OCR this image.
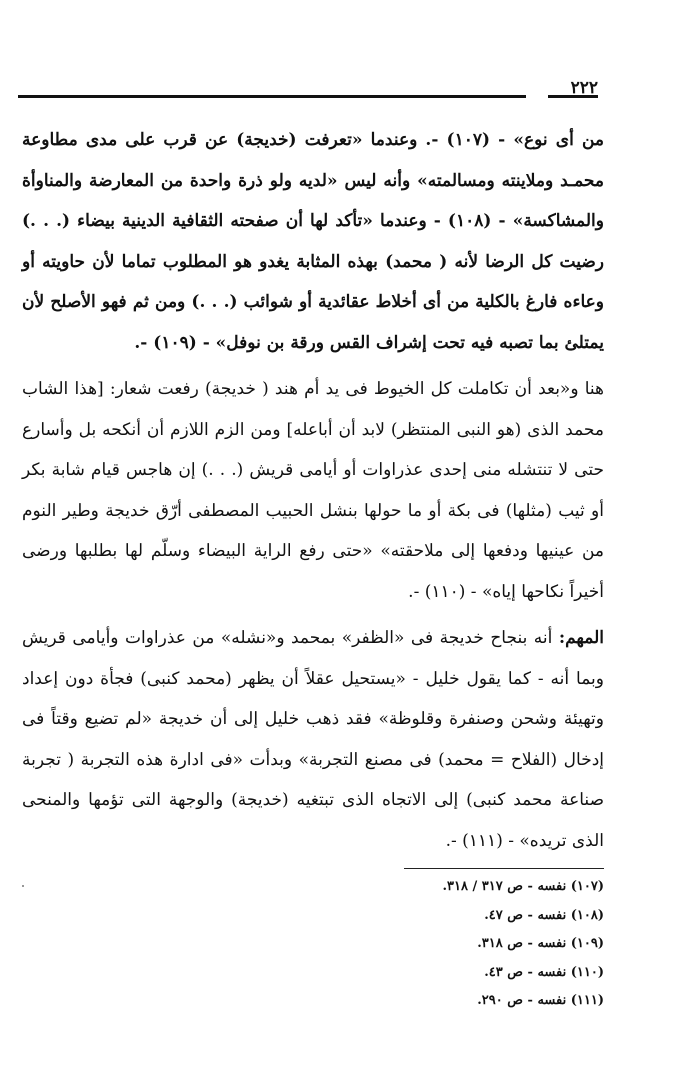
٢٢٢

من أى نوع» - (١٠٧) -. وعندما «تعرفت (خديجة) عن قرب على مدى مطاوعة محمـد وملاينته ومسالمته» وأنه ليس «لديه ولو ذرة واحدة من المعارضة والمناوأة والمشاكسة» - (١٠٨) - وعندما «تأكد لها أن صفحته الثقافية الدينية بيضاء (. . .) رضيت كل الرضا لأنه ( محمد) بهذه المثابة يغدو هو المطلوب تماما لأن حاويته أو وعاءه فارغ بالكلية من أى أخلاط عقائدية أو شوائب (. . .) ومن ثم فهو الأصلح لأن يمتلئ بما تصبه فيه تحت إشراف القس ورقة بن نوفل» - (١٠٩) -.

هنا و«بعد أن تكاملت كل الخيوط فى يد أم هند ( خديجة) رفعت شعار: [هذا الشاب محمد الذى (هو النبى المنتظر) لابد أن أباعله] ومن الزم اللازم أن أنكحه بل وأسارع حتى لا تنتشله منى إحدى عذراوات أو أيامى قريش (. . .) إن هاجس قيام شابة بكر أو ثيب (مثلها) فى بكة أو ما حولها بنشل الحبيب المصطفى أرّق خديجة وطير النوم من عينيها ودفعها إلى ملاحقته» «حتى رفع الراية البيضاء وسلّم لها بطلبها ورضى أخيراً نكاحها إياه» - (١١٠) -.

المهم: أنه بنجاح خديجة فى «الظفر» بمحمد و«نشله» من عذراوات وأيامى قريش وبما أنه - كما يقول خليل - «يستحيل عقلاً أن يظهر (محمد كنبى) فجأة دون إعداد وتهيئة وشحن وصنفرة وقلوظة» فقد ذهب خليل إلى أن خديجة «لم تضيع وقتاً فى إدخال (الفلاح = محمد) فى مصنع التجربة» وبدأت «فى ادارة هذه التجربة ( تجربة صناعة محمد كنبى) إلى الاتجاه الذى تبتغيه (خديجة) والوجهة التى تؤمها والمنحى الذى تريده» - (١١١) -.

(١٠٧) نفسه - ص ٣١٧ / ٣١٨.
(١٠٨) نفسه - ص ٤٧.
(١٠٩) نفسه - ص ٣١٨.
(١١٠) نفسه - ص ٤٣.
(١١١) نفسه - ص ٢٩٠.
